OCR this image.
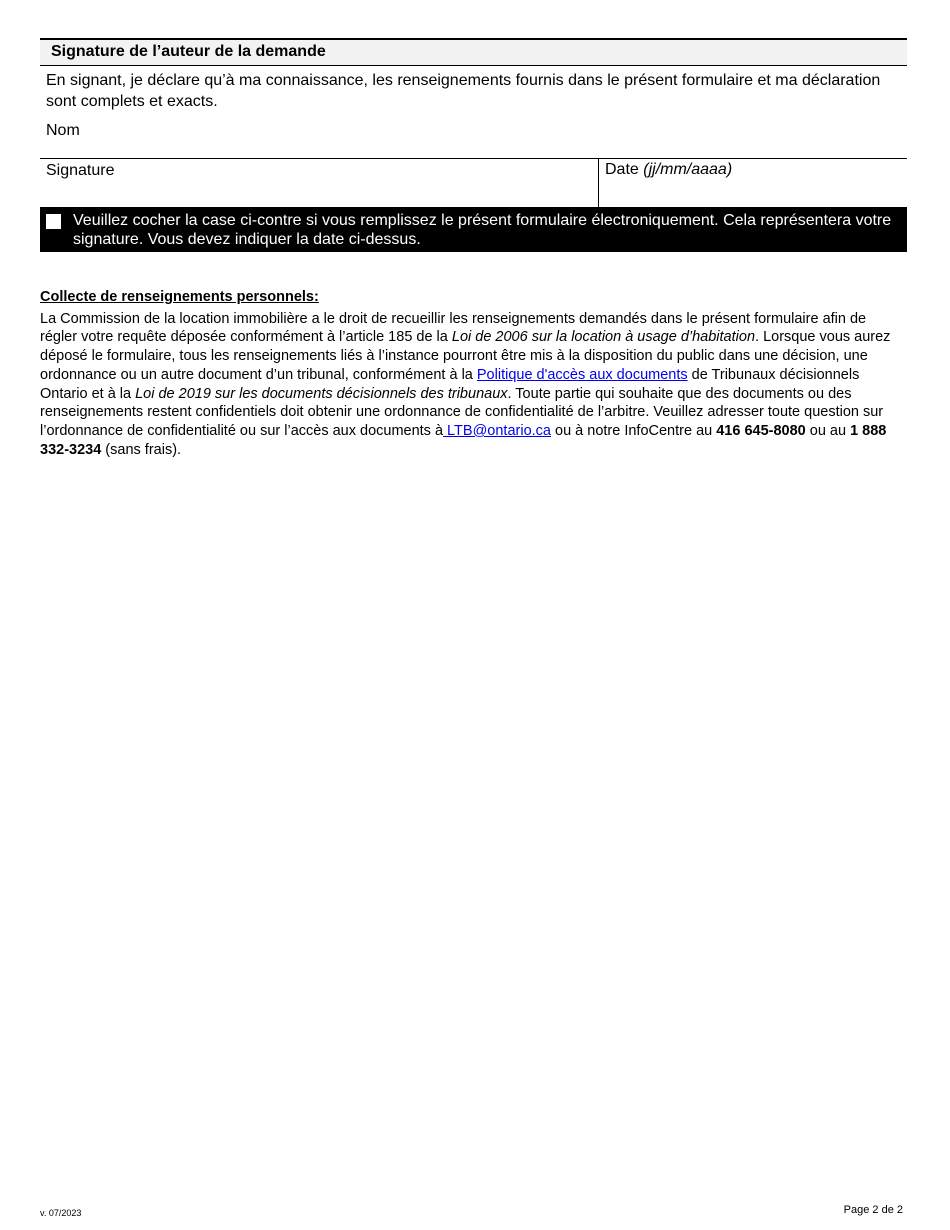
Signature de l’auteur de la demande
En signant, je déclare qu’à ma connaissance, les renseignements fournis dans le présent formulaire et ma déclaration sont complets et exacts.
Nom
Signature	Date (jj/mm/aaaa)
Veuillez cocher la case ci-contre si vous remplissez le présent formulaire électroniquement. Cela représentera votre signature. Vous devez indiquer la date ci-dessus.
Collecte de renseignements personnels:
La Commission de la location immobilière a le droit de recueillir les renseignements demandés dans le présent formulaire afin de régler votre requête déposée conformément à l’article 185 de la Loi de 2006 sur la location à usage d’habitation. Lorsque vous aurez déposé le formulaire, tous les renseignements liés à l’instance pourront être mis à la disposition du public dans une décision, une ordonnance ou un autre document d’un tribunal, conformément à la Politique d'accès aux documents de Tribunaux décisionnels Ontario et à la Loi de 2019 sur les documents décisionnels des tribunaux. Toute partie qui souhaite que des documents ou des renseignements restent confidentiels doit obtenir une ordonnance de confidentialité de l’arbitre. Veuillez adresser toute question sur l’ordonnance de confidentialité ou sur l’accès aux documents à LTB@ontario.ca ou à notre InfoCentre au 416 645-8080 ou au 1 888 332-3234 (sans frais).
v. 07/2023	Page 2 de 2
